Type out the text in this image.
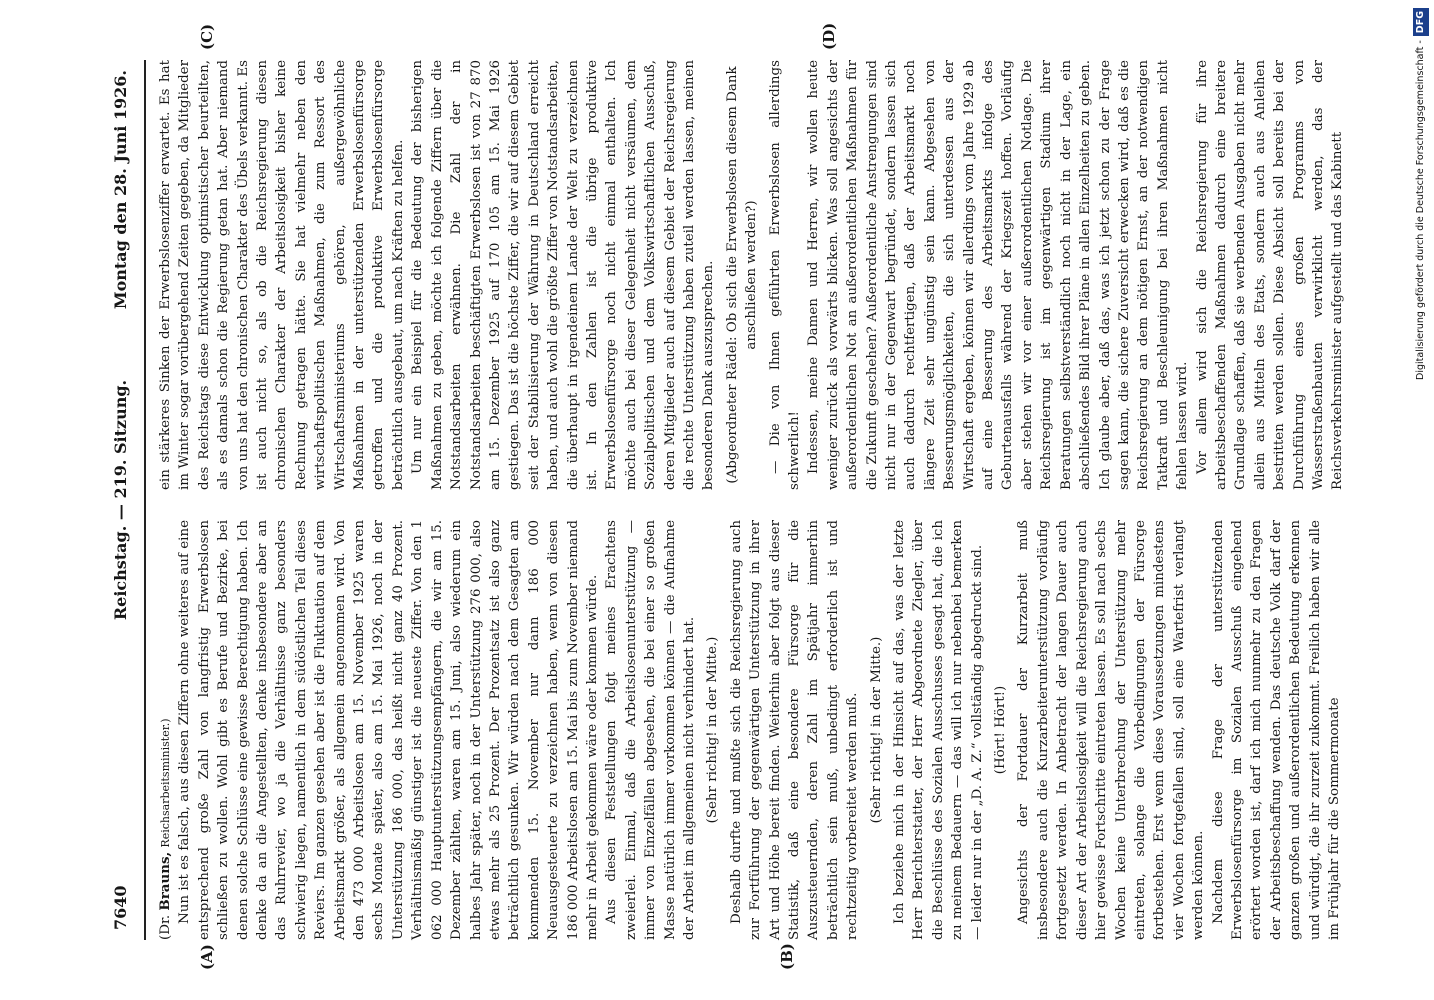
7640
Reichstag. — 219. Sitzung.
Montag den 28. Juni 1926.
(A)	(B)
(C)	(D)

(Dr. Brauns, Reichsarbeitsminister.) Nun ist es falsch, aus diesen Ziffern ohne weiteres auf eine entsprechend große Zahl von langfristig Erwerbslosen schließen zu wollen. Wohl gibt es Berufe und Bezirke, bei denen solche Schlüsse eine gewisse Berechtigung haben. Ich denke da an die Angestellten, denke insbesondere aber an das Ruhrrevier, wo ja die Verhältnisse ganz besonders schwierig liegen, namentlich in dem südöstlichen Teil dieses Reviers. Im ganzen gesehen aber ist die Fluktuation auf dem Arbeitsmarkt größer, als allgemein angenommen wird. Von den 473 000 Arbeitslosen am 15. November 1925 waren sechs Monate später, also am 15. Mai 1926, noch in der Unterstützung 186 000, das heißt nicht ganz 40 Prozent. Verhältnismäßig günstiger ist die neueste Ziffer. Von den 1 062 000 Hauptunterstützungsempfängern, die wir am 15. Dezember zählten, waren am 15. Juni, also wiederum ein halbes Jahr später, noch in der Unterstützung 276 000, also etwas mehr als 25 Prozent. Der Prozentsatz ist also ganz beträchtlich gesunken. Wir würden nach dem Gesagten am kommenden 15. November nur dann 186 000 Neuausgesteuerte zu verzeichnen haben, wenn von diesen 186 000 Arbeitslosen am 15. Mai bis zum November niemand mehr in Arbeit gekommen wäre oder kommen würde. Aus diesen Feststellungen folgt meines Erachtens zweierlei. Einmal, daß die Arbeitslosenunterstützung — immer von Einzelfällen abgesehen, die bei einer so großen Masse natürlich immer vorkommen können — die Aufnahme der Arbeit im allgemeinen nicht verhindert hat. (Sehr richtig! in der Mitte.) Deshalb durfte und mußte sich die Reichsregierung auch zur Fortführung der gegenwärtigen Unterstützung in ihrer Art und Höhe bereit finden. Weiterhin aber folgt aus dieser Statistik, daß eine besondere Fürsorge für die Auszusteuernden, deren Zahl im Spätjahr immerhin beträchtlich sein muß, unbedingt erforderlich ist und rechtzeitig vorbereitet werden muß. (Sehr richtig! in der Mitte.) Ich beziehe mich in der Hinsicht auf das, was der letzte Herr Berichterstatter, der Herr Abgeordnete Ziegler, über die Beschlüsse des Sozialen Ausschusses gesagt hat, die ich zu meinem Bedauern — das will ich nur nebenbei bemerken — leider nur in der „D. A. Z.“ vollständig abgedruckt sind. (Hört! Hört!) Angesichts der Fortdauer der Kurzarbeit muß insbesondere auch die Kurzarbeiterunterstützung vorläufig fortgesetzt werden. In Anbetracht der langen Dauer auch dieser Art der Arbeitslosigkeit will die Reichsregierung auch hier gewisse Fortschritte eintreten lassen. Es soll nach sechs Wochen keine Unterbrechung der Unterstützung mehr eintreten, solange die Vorbedingungen der Fürsorge fortbestehen. Erst wenn diese Voraussetzungen mindestens vier Wochen fortgefallen sind, soll eine Wartefrist verlangt werden können. Nachdem diese Frage der unterstützenden Erwerbslosenfürsorge im Sozialen Ausschuß eingehend erörtert worden ist, darf ich mich nunmehr zu den Fragen der Arbeitsbeschaffung wenden. Das deutsche Volk darf der ganzen großen und außerordentlichen Bedeutung erkennen und würdigt, die ihr zurzeit zukommt. Freilich haben wir alle im Frühjahr für die Sommermonate

ein stärkeres Sinken der Erwerbslosenziffer erwartet. Es hat im Winter sogar vorübergehend Zeiten gegeben, da Mitglieder des Reichstags diese Entwicklung optimistischer beurteilten, als es damals schon die Regierung getan hat. Aber niemand von uns hat den chronischen Charakter des Übels verkannt. Es ist auch nicht so, als ob die Reichsregierung diesen chronischen Charakter der Arbeitslosigkeit bisher keine Rechnung getragen hätte. Sie hat vielmehr neben den wirtschaftspolitischen Maßnahmen, die zum Ressort des Wirtschaftsministeriums gehören, außergewöhnliche Maßnahmen in der unterstützenden Erwerbslosenfürsorge getroffen und die produktive Erwerbslosenfürsorge beträchtlich ausgebaut, um nach Kräften zu helfen. Um nur ein Beispiel für die Bedeutung der bisherigen Maßnahmen zu geben, möchte ich folgende Ziffern über die Notstandsarbeiten erwähnen. Die Zahl der in Notstandsarbeiten beschäftigten Erwerbslosen ist von 27 870 am 15. Dezember 1925 auf 170 105 am 15. Mai 1926 gestiegen. Das ist die höchste Ziffer, die wir auf diesem Gebiet seit der Stabilisierung der Währung in Deutschland erreicht haben, und auch wohl die größte Ziffer von Notstandsarbeiten, die überhaupt in irgendeinem Lande der Welt zu verzeichnen ist. In den Zahlen ist die übrige produktive Erwerbslosenfürsorge noch nicht einmal enthalten. Ich möchte auch bei dieser Gelegenheit nicht versäumen, dem Sozialpolitischen und dem Volkswirtschaftlichen Ausschuß, deren Mitglieder auch auf diesem Gebiet der Reichsregierung die rechte Unterstützung haben zuteil werden lassen, meinen besonderen Dank auszusprechen. (Abgeordneter Rädel: Ob sich die Erwerbslosen diesem Dank anschließen werden?) — Die von Ihnen geführten Erwerbslosen allerdings schwerlich! Indessen, meine Damen und Herren, wir wollen heute weniger zurück als vorwärts blicken. Was soll angesichts der außerordentlichen Not an außerordentlichen Maßnahmen für die Zukunft geschehen? Außerordentliche Anstrengungen sind nicht nur in der Gegenwart begründet, sondern lassen sich auch dadurch rechtfertigen, daß der Arbeitsmarkt noch längere Zeit sehr ungünstig sein kann. Abgesehen von Besserungsmöglichkeiten, die sich unterdessen aus der Wirtschaft ergeben, können wir allerdings vom Jahre 1929 ab auf eine Besserung des Arbeitsmarkts infolge des Geburtenausfalls während der Kriegszeit hoffen. Vorläufig aber stehen wir vor einer außerordentlichen Notlage. Die Reichsregierung ist im gegenwärtigen Stadium ihrer Beratungen selbstverständlich noch nicht in der Lage, ein abschließendes Bild ihrer Pläne in allen Einzelheiten zu geben. Ich glaube aber, daß das, was ich jetzt schon zu der Frage sagen kann, die sichere Zuversicht erwecken wird, daß es die Reichsregierung an dem nötigen Ernst, an der notwendigen Tatkraft und Beschleunigung bei ihren Maßnahmen nicht fehlen lassen wird. Vor allem wird sich die Reichsregierung für ihre arbeitsbeschaffenden Maßnahmen dadurch eine breitere Grundlage schaffen, daß sie werbenden Ausgaben nicht mehr allein aus Mitteln des Etats, sondern auch aus Anleihen bestritten werden sollen. Diese Absicht soll bereits bei der Durchführung eines großen Programms von Wasserstraßenbauten verwirklicht werden, das der Reichsverkehrsminister aufgestellt und das Kabinett	Digitalisierung gefördert durch die Deutsche Forschungsgemeinschaft -DFG
